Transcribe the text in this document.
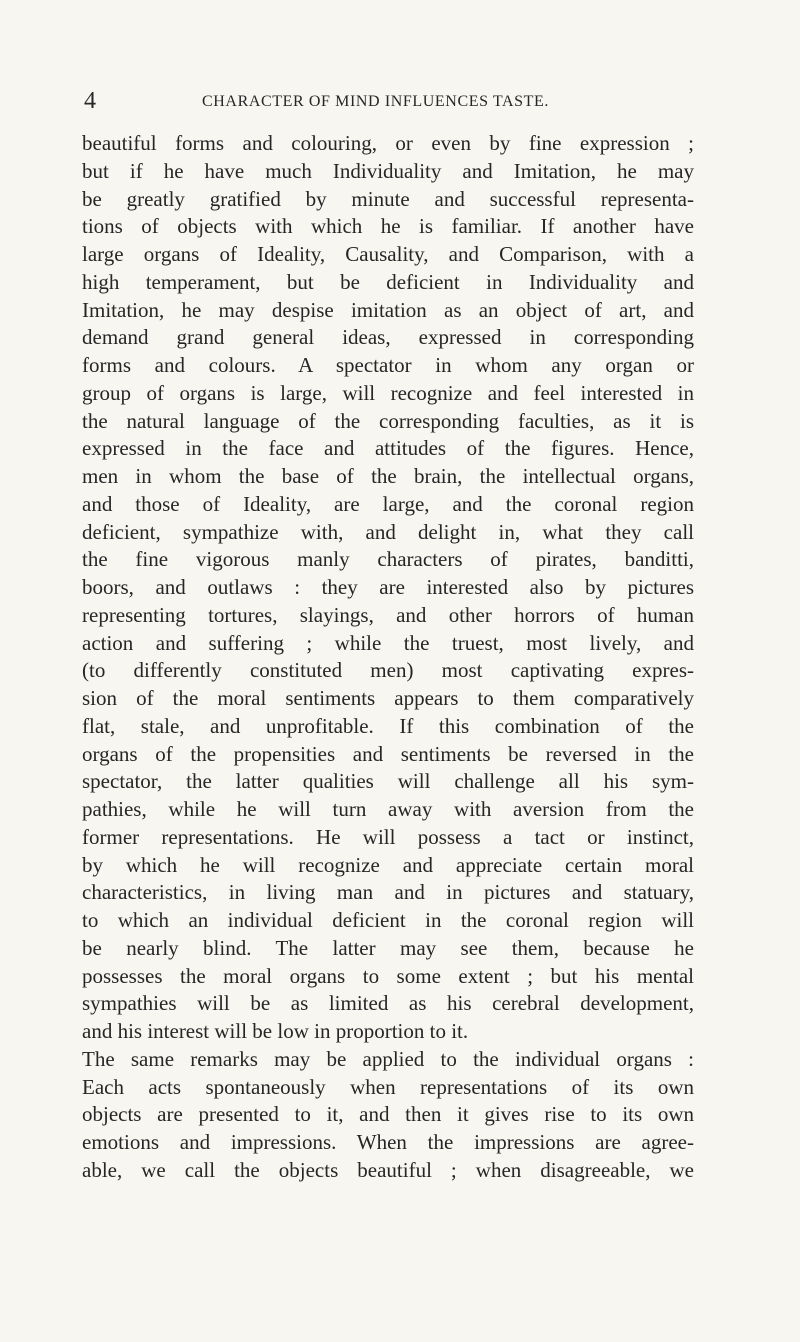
4	CHARACTER OF MIND INFLUENCES TASTE.
beautiful forms and colouring, or even by fine expression ;
but if he have much Individuality and Imitation, he may
be greatly gratified by minute and successful representa-
tions of objects with which he is familiar. If another have
large organs of Ideality, Causality, and Comparison, with a
high temperament, but be deficient in Individuality and
Imitation, he may despise imitation as an object of art, and
demand grand general ideas, expressed in corresponding
forms and colours. A spectator in whom any organ or
group of organs is large, will recognize and feel interested in
the natural language of the corresponding faculties, as it is
expressed in the face and attitudes of the figures. Hence,
men in whom the base of the brain, the intellectual organs,
and those of Ideality, are large, and the coronal region
deficient, sympathize with, and delight in, what they call
the fine vigorous manly characters of pirates, banditti,
boors, and outlaws : they are interested also by pictures
representing tortures, slayings, and other horrors of human
action and suffering ; while the truest, most lively, and
(to differently constituted men) most captivating expres-
sion of the moral sentiments appears to them comparatively
flat, stale, and unprofitable. If this combination of the
organs of the propensities and sentiments be reversed in the
spectator, the latter qualities will challenge all his sym-
pathies, while he will turn away with aversion from the
former representations. He will possess a tact or instinct,
by which he will recognize and appreciate certain moral
characteristics, in living man and in pictures and statuary,
to which an individual deficient in the coronal region will
be nearly blind. The latter may see them, because he
possesses the moral organs to some extent ; but his mental
sympathies will be as limited as his cerebral development,
and his interest will be low in proportion to it.
The same remarks may be applied to the individual organs :
Each acts spontaneously when representations of its own
objects are presented to it, and then it gives rise to its own
emotions and impressions. When the impressions are agree-
able, we call the objects beautiful ; when disagreeable, we
